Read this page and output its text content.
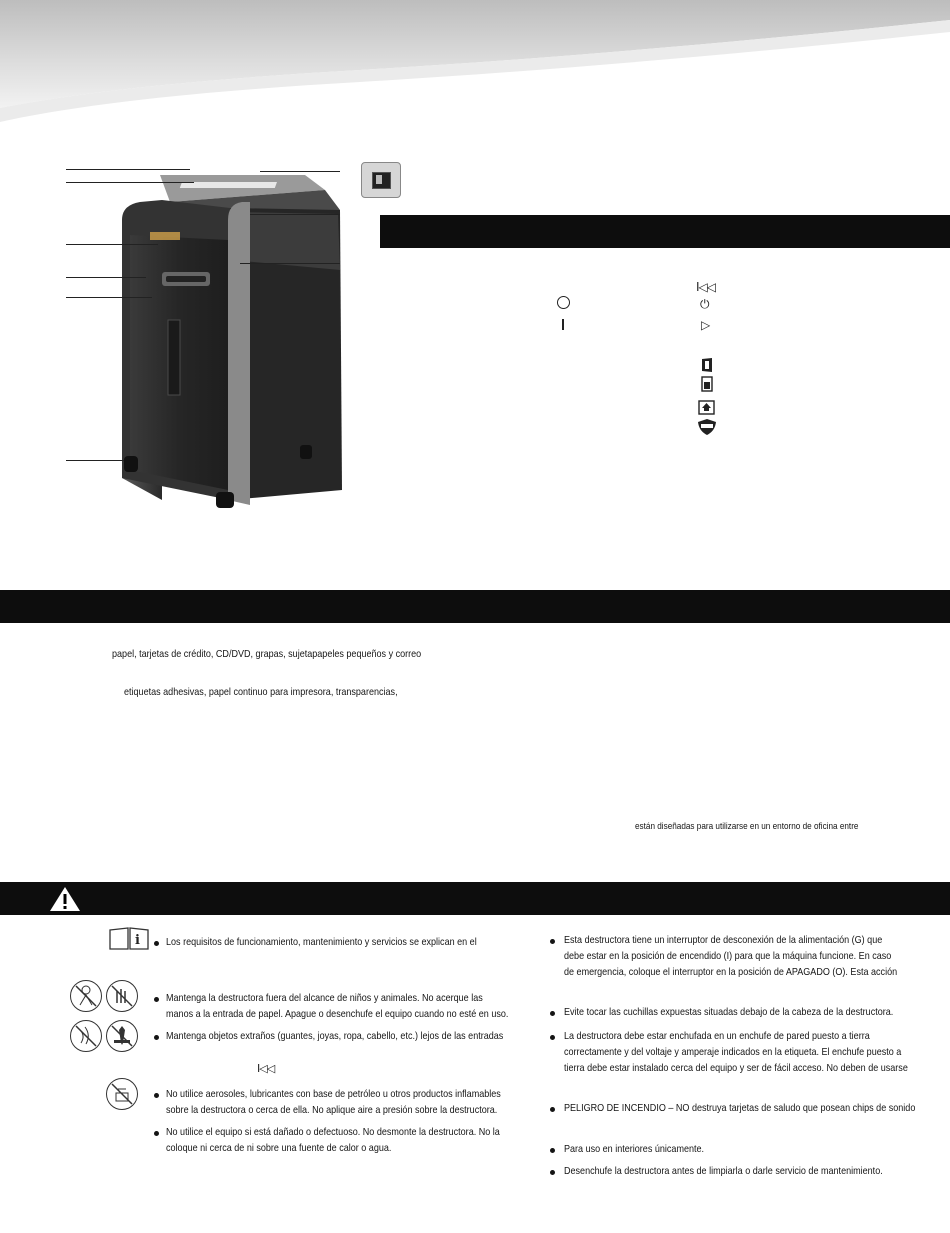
I◁◁
⏻
▷
papel, tarjetas de crédito, CD/DVD, grapas, sujetapapeles pequeños y correo
etiquetas adhesivas, papel continuo para impresora, transparencias,
están diseñadas para utilizarse en un entorno de oficina entre
i Los requisitos de funcionamiento, mantenimiento y servicios se explican en el
Mantenga la destructora fuera del alcance de niños y animales. No acerque las
manos a la entrada de papel. Apague o desenchufe el equipo cuando no esté en uso.
Mantenga objetos extraños (guantes, joyas, ropa, cabello, etc.) lejos de las entradas
I◁◁
No utilice aerosoles, lubricantes con base de petróleo u otros productos inflamables
sobre la destructora o cerca de ella. No aplique aire a presión sobre la destructora.
No utilice el equipo si está dañado o defectuoso. No desmonte la destructora. No la
coloque ni cerca de ni sobre una fuente de calor o agua.
Esta destructora tiene un interruptor de desconexión de la alimentación (G) que
debe estar en la posición de encendido (I) para que la máquina funcione. En caso
de emergencia, coloque el interruptor en la posición de APAGADO (O). Esta acción
Evite tocar las cuchillas expuestas situadas debajo de la cabeza de la destructora.
La destructora debe estar enchufada en un enchufe de pared puesto a tierra
correctamente y del voltaje y amperaje indicados en la etiqueta. El enchufe puesto a
tierra debe estar instalado cerca del equipo y ser de fácil acceso. No deben de usarse
PELIGRO DE INCENDIO – NO destruya tarjetas de saludo que posean chips de sonido
Para uso en interiores únicamente.
Desenchufe la destructora antes de limpiarla o darle servicio de mantenimiento.
